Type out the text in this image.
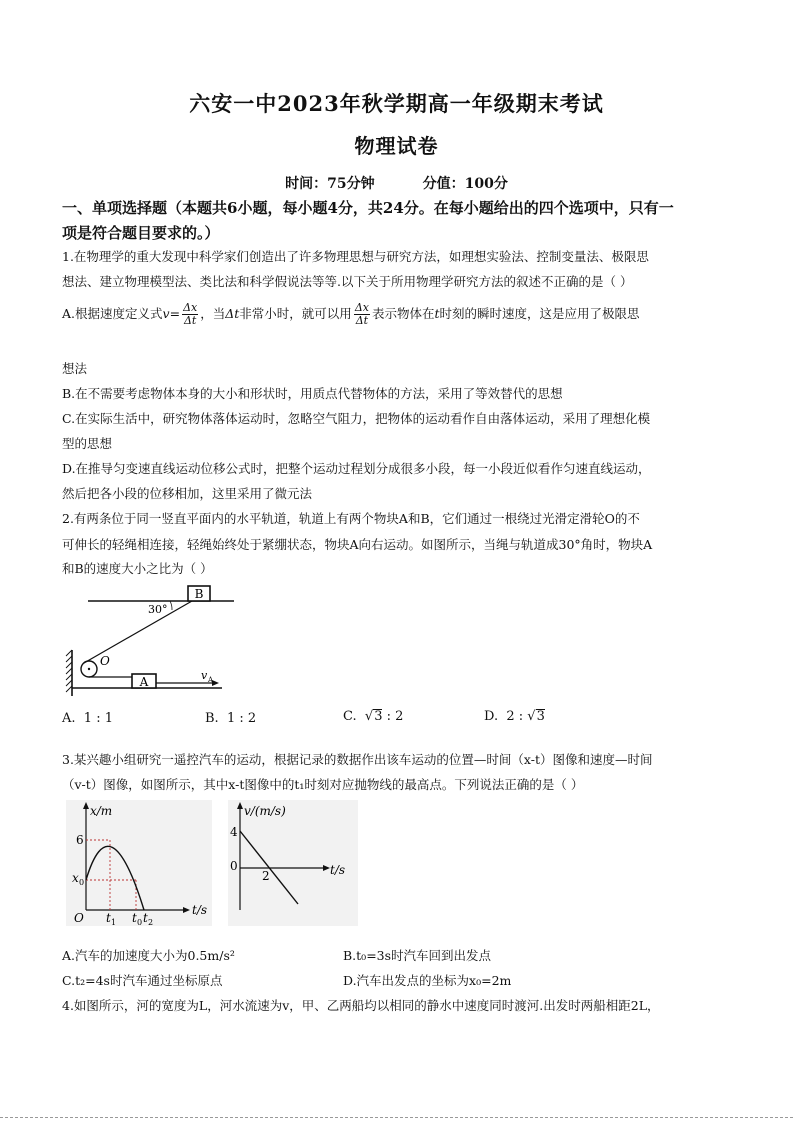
六安一中2023年秋学期高一年级期末考试
物理试卷
时间：75分钟	分值：100分
一、单项选择题（本题共6小题，每小题4分，共24分。在每小题给出的四个选项中，只有一
项是符合题目要求的。）
1.在物理学的重大发现中科学家们创造出了许多物理思想与研究方法，如理想实验法、控制变量法、极限思
想法、建立物理模型法、类比法和科学假说法等等.以下关于所用物理学研究方法的叙述不正确的是（ ）
A.根据速度定义式$v= \frac{\Delta x}{\Delta t}$ ，当Δt非常小时，就可以用 $\frac{\Delta x}{\Delta t}$ 表示物体在t时刻的瞬时速度，这是应用了极限思
想法
B.在不需要考虑物体本身的大小和形状时，用质点代替物体的方法，采用了等效替代的思想
C.在实际生活中，研究物体落体运动时，忽略空气阻力，把物体的运动看作自由落体运动，采用了理想化模
型的思想
D.在推导匀变速直线运动位移公式时，把整个运动过程划分成很多小段，每一小段近似看作匀速直线运动，
然后把各小段的位移相加，这里采用了微元法
2.有两条位于同一竖直平面内的水平轨道，轨道上有两个物块A和B，它们通过一根绕过光滑定滑轮O的不
可伸长的轻绳相连接，轻绳始终处于紧绷状态，物块A向右运动。如图所示，当绳与轨道成30°角时，物块A
和B的速度大小之比为（ ）
B
30°
O
A	v A
A. 1 : 1	B. 1 : 2	C.  √3 : 2	D. 2 : √3
3.某兴趣小组研究一遥控汽车的运动，根据记录的数据作出该车运动的位置—时间（x-t）图像和速度—时间
（v-t）图像，如图所示，其中x-t图像中的t₁时刻对应抛物线的最高点。下列说法正确的是（ ）
x/m
6
x 0
O t 1 t 0 t 2
t/s
v/(m/s)
4
0
2	t/s
A.汽车的加速度大小为0.5m/s²	B.t₀=3s时汽车回到出发点
C.t₂=4s时汽车通过坐标原点	D.汽车出发点的坐标为x₀=2m
4.如图所示，河的宽度为L，河水流速为v，甲、乙两船均以相同的静水中速度同时渡河.出发时两船相距2L，
